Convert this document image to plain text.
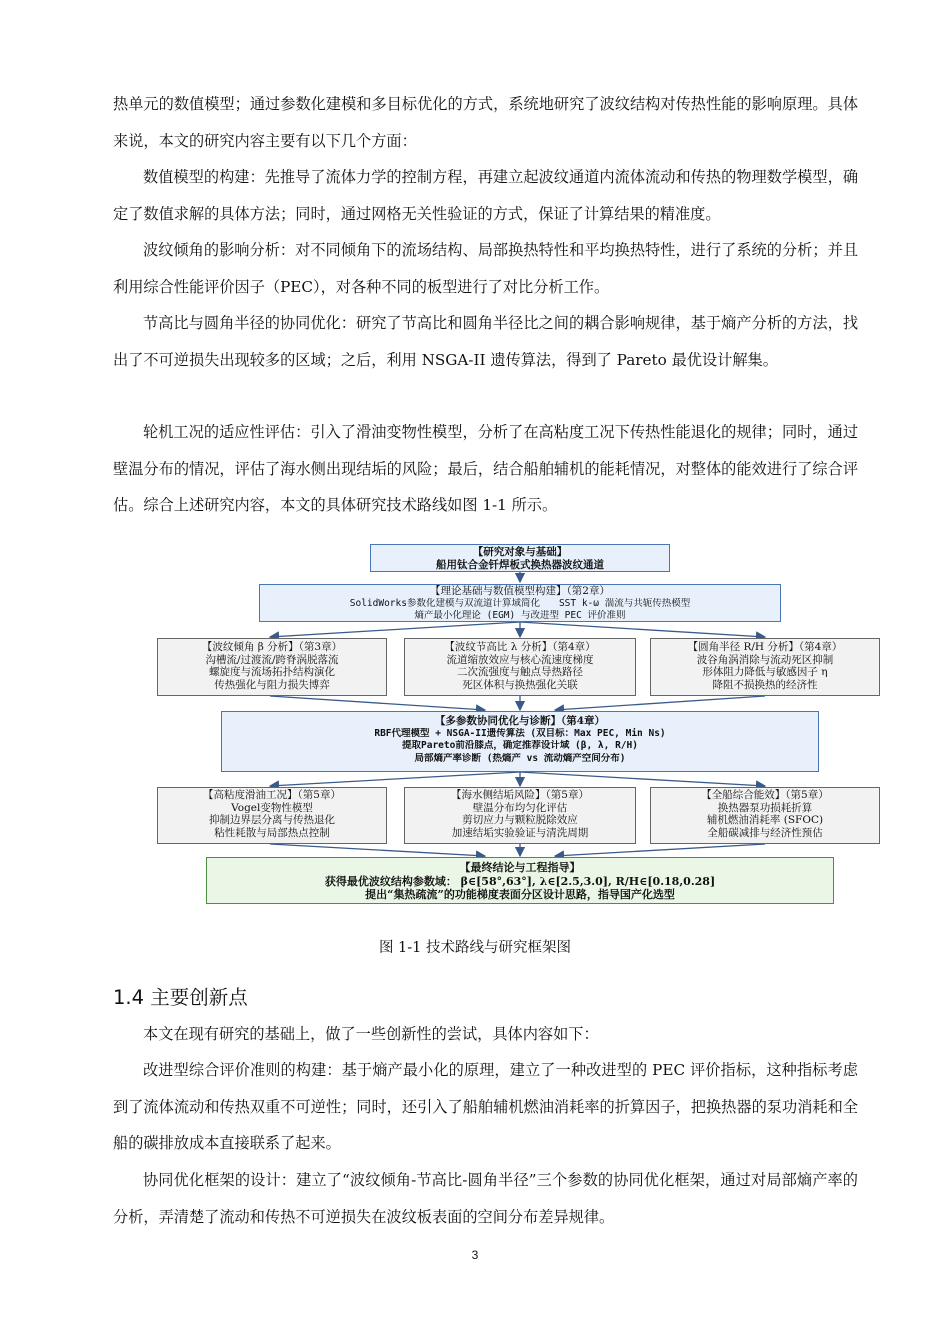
热单元的数值模型；通过参数化建模和多目标优化的方式，系统地研究了波纹结构对传热性能的影响原理。具体来说，本文的研究内容主要有以下几个方面：

数值模型的构建：先推导了流体力学的控制方程，再建立起波纹通道内流体流动和传热的物理数学模型，确定了数值求解的具体方法；同时，通过网格无关性验证的方式，保证了计算结果的精准度。

波纹倾角的影响分析：对不同倾角下的流场结构、局部换热特性和平均换热特性，进行了系统的分析；并且利用综合性能评价因子（PEC），对各种不同的板型进行了对比分析工作。

节高比与圆角半径的协同优化：研究了节高比和圆角半径比之间的耦合影响规律，基于熵产分析的方法，找出了不可逆损失出现较多的区域；之后，利用 NSGA-II 遗传算法，得到了 Pareto 最优设计解集。

轮机工况的适应性评估：引入了滑油变物性模型，分析了在高粘度工况下传热性能退化的规律；同时，通过壁温分布的情况，评估了海水侧出现结垢的风险；最后，结合船舶辅机的能耗情况，对整体的能效进行了综合评估。综合上述研究内容，本文的具体研究技术路线如图 1-1 所示。

【研究对象与基础】
船用钛合金钎焊板式换热器波纹通道
【理论基础与数值模型构建】（第2章）
SolidWorks参数化建模与双流道计算域简化　　SST k-ω 湍流与共轭传热模型
熵产最小化理论 (EGM) 与改进型 PEC 评价准则
【波纹倾角 β 分析】（第3章）
沟槽流/过渡流/跨脊涡脱落流
螺旋度与流场拓扑结构演化
传热强化与阻力损失博弈
【波纹节高比 λ 分析】（第4章）
流道缩放效应与核心流速度梯度
二次流强度与触点导热路径
死区体积与换热强化关联
【圆角半径 R/H 分析】（第4章）
波谷角涡消除与流动死区抑制
形体阻力降低与敏感因子 η
降阻不损换热的经济性
【多参数协同优化与诊断】（第4章）
RBF代理模型 + NSGA-II遗传算法 (双目标：Max PEC, Min Ns)
提取Pareto前沿膝点，确定推荐设计域 (β, λ, R/H)
局部熵产率诊断 (热熵产 vs 流动熵产空间分布)
【高粘度滑油工况】（第5章）
Vogel变物性模型
抑制边界层分离与传热退化
粘性耗散与局部热点控制
【海水侧结垢风险】（第5章）
壁温分布均匀化评估
剪切应力与颗粒脱除效应
加速结垢实验验证与清洗周期
【全船综合能效】（第5章）
换热器泵功损耗折算
辅机燃油消耗率 (SFOC)
全船碳减排与经济性预估
【最终结论与工程指导】
获得最优波纹结构参数域： β∈[58°,63°], λ∈[2.5,3.0], R/H∈[0.18,0.28]
提出“集热疏流”的功能梯度表面分区设计思路，指导国产化选型
图 1-1 技术路线与研究框架图
1.4 主要创新点

本文在现有研究的基础上，做了一些创新性的尝试，具体内容如下：

改进型综合评价准则的构建：基于熵产最小化的原理，建立了一种改进型的 PEC 评价指标，这种指标考虑到了流体流动和传热双重不可逆性；同时，还引入了船舶辅机燃油消耗率的折算因子，把换热器的泵功消耗和全船的碳排放成本直接联系了起来。

协同优化框架的设计：建立了“波纹倾角-节高比-圆角半径”三个参数的协同优化框架，通过对局部熵产率的分析，弄清楚了流动和传热不可逆损失在波纹板表面的空间分布差异规律。

3
